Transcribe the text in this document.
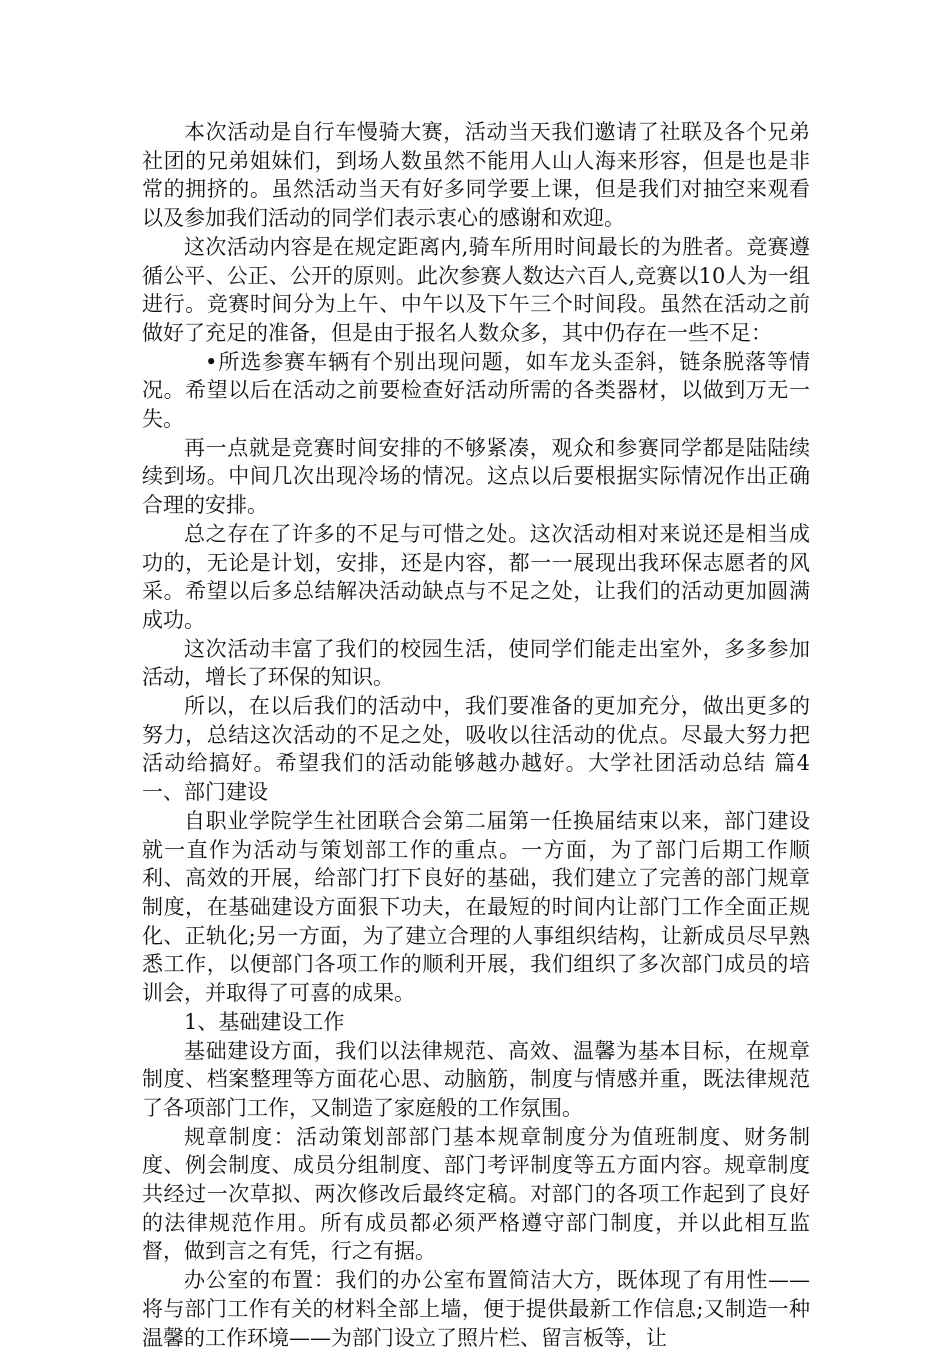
本次活动是自行车慢骑大赛，活动当天我们邀请了社联及各个兄弟社团的兄弟姐妹们，到场人数虽然不能用人山人海来形容，但是也是非常的拥挤的。虽然活动当天有好多同学要上课，但是我们对抽空来观看以及参加我们活动的同学们表示衷心的感谢和欢迎。

这次活动内容是在规定距离内,骑车所用时间最长的为胜者。竞赛遵循公平、公正、公开的原则。此次参赛人数达六百人,竞赛以10人为一组进行。竞赛时间分为上午、中午以及下午三个时间段。虽然在活动之前做好了充足的准备，但是由于报名人数众多，其中仍存在一些不足：

•所选参赛车辆有个别出现问题，如车龙头歪斜，链条脱落等情况。希望以后在活动之前要检查好活动所需的各类器材，以做到万无一失。

再一点就是竞赛时间安排的不够紧凑，观众和参赛同学都是陆陆续续到场。中间几次出现冷场的情况。这点以后要根据实际情况作出正确合理的安排。

总之存在了许多的不足与可惜之处。这次活动相对来说还是相当成功的，无论是计划，安排，还是内容，都一一展现出我环保志愿者的风采。希望以后多总结解决活动缺点与不足之处，让我们的活动更加圆满成功。

这次活动丰富了我们的校园生活，使同学们能走出室外，多多参加活动，增长了环保的知识。

所以，在以后我们的活动中，我们要准备的更加充分，做出更多的努力，总结这次活动的不足之处，吸收以往活动的优点。尽最大努力把活动给搞好。希望我们的活动能够越办越好。大学社团活动总结 篇4一、部门建设

自职业学院学生社团联合会第二届第一任换届结束以来，部门建设就一直作为活动与策划部工作的重点。一方面，为了部门后期工作顺利、高效的开展，给部门打下良好的基础，我们建立了完善的部门规章制度，在基础建设方面狠下功夫，在最短的时间内让部门工作全面正规化、正轨化;另一方面，为了建立合理的人事组织结构，让新成员尽早熟悉工作，以便部门各项工作的顺利开展，我们组织了多次部门成员的培训会，并取得了可喜的成果。

1、基础建设工作

基础建设方面，我们以法律规范、高效、温馨为基本目标，在规章制度、档案整理等方面花心思、动脑筋，制度与情感并重，既法律规范了各项部门工作，又制造了家庭般的工作氛围。

规章制度：活动策划部部门基本规章制度分为值班制度、财务制度、例会制度、成员分组制度、部门考评制度等五方面内容。规章制度共经过一次草拟、两次修改后最终定稿。对部门的各项工作起到了良好的法律规范作用。所有成员都必须严格遵守部门制度，并以此相互监督，做到言之有凭，行之有据。

办公室的布置：我们的办公室布置简洁大方，既体现了有用性——将与部门工作有关的材料全部上墙，便于提供最新工作信息;又制造一种温馨的工作环境——为部门设立了照片栏、留言板等，让
